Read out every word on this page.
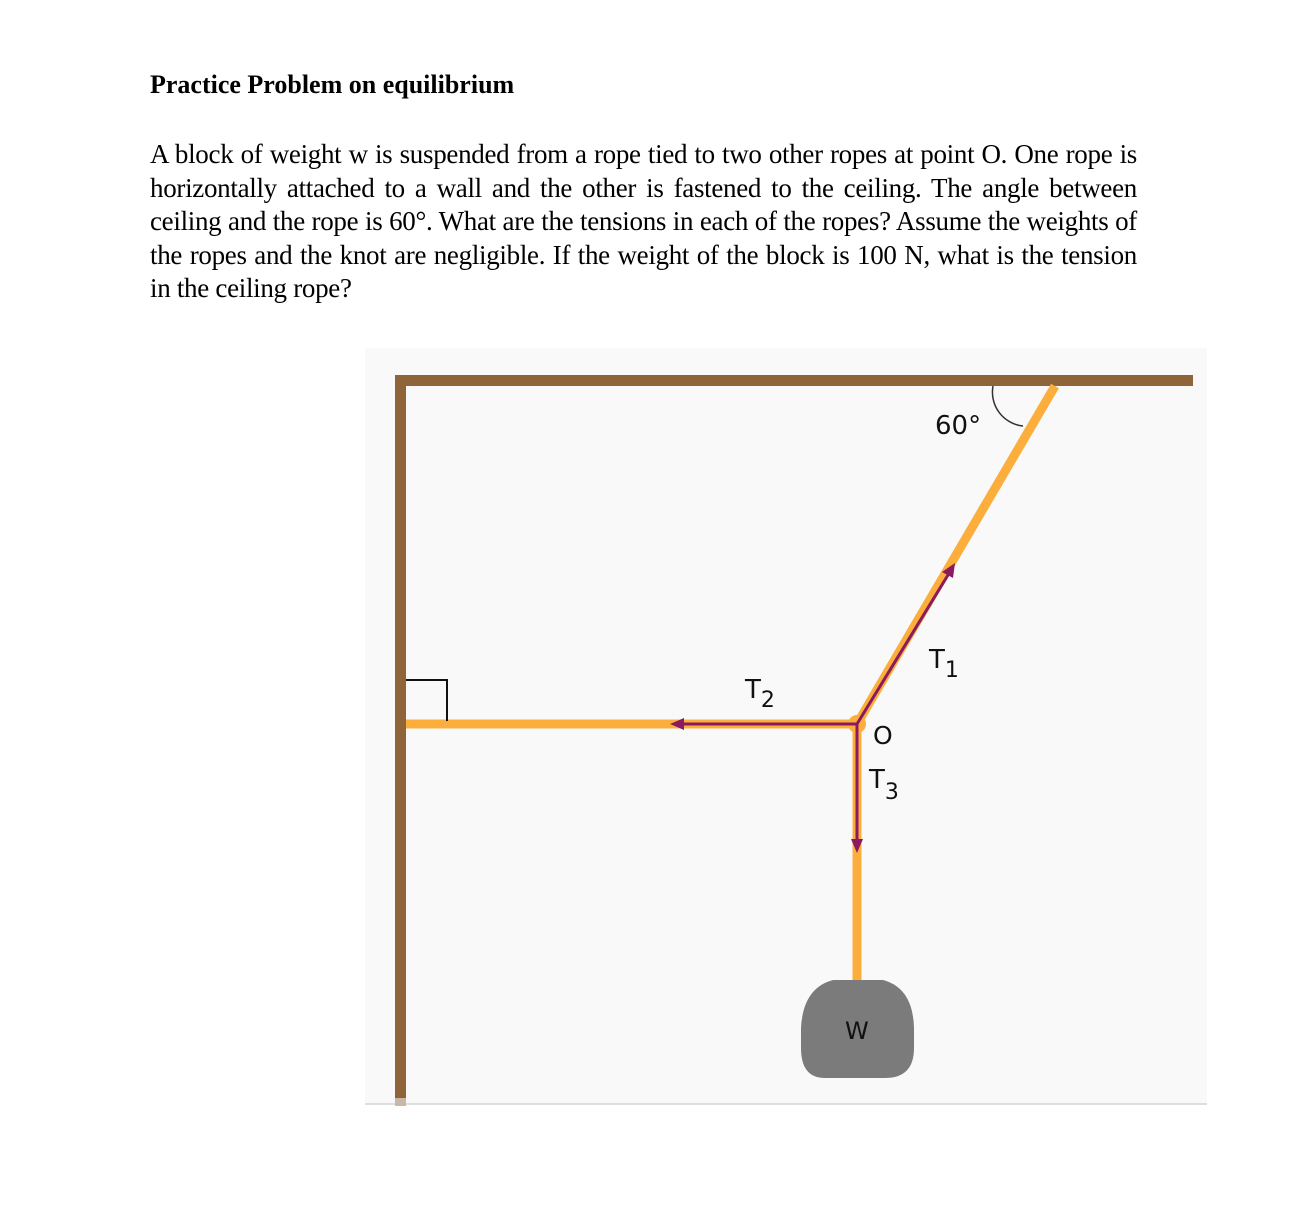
Practice Problem on equilibrium

A block of weight w is suspended from a rope tied to two other ropes at point O. One rope is horizontally attached to a wall and the other is fastened to the ceiling. The angle between ceiling and the rope is 60°. What are the tensions in each of the ropes? Assume the weights of the ropes and the knot are negligible. If the weight of the block is 100 N, what is the tension in the ceiling rope?

60°
$T_1$
$T_2$
$T_3$
O
W
